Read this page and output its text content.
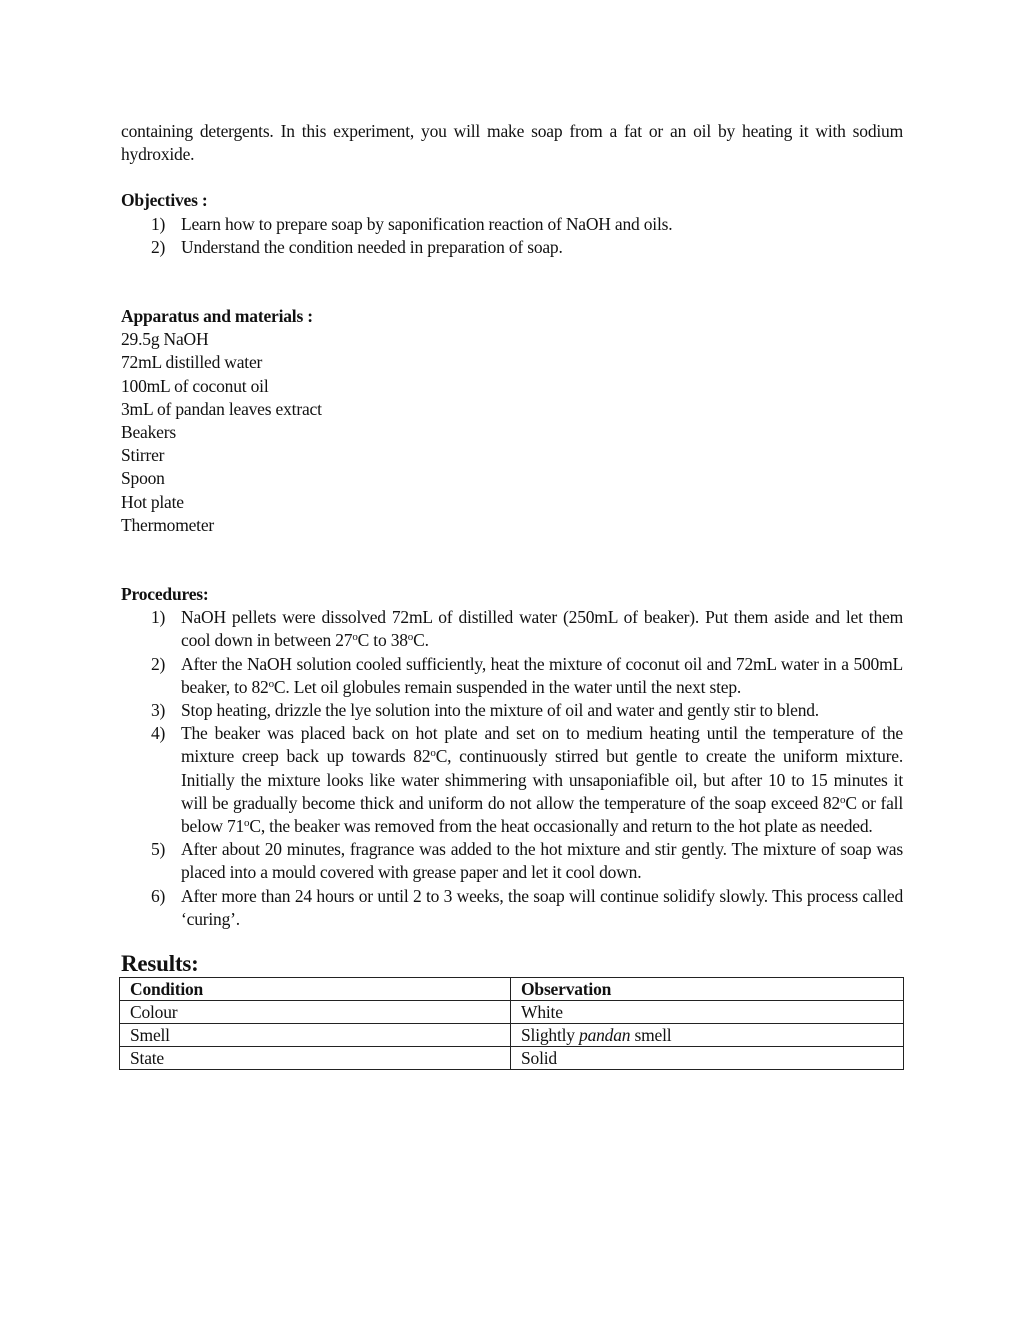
containing detergents. In this experiment, you will make soap from a fat or an oil by heating it with sodium hydroxide.

Objectives :

1) Learn how to prepare soap by saponification reaction of NaOH and oils.
2) Understand the condition needed in preparation of soap.

Apparatus and materials :

29.5g NaOH
72mL distilled water
100mL of coconut oil
3mL of pandan leaves extract
Beakers
Stirrer
Spoon
Hot plate
Thermometer

Procedures:

1) NaOH pellets were dissolved 72mL of distilled water (250mL of beaker). Put them aside and let them cool down in between 27$^o$C to 38$^o$C.
2) After the NaOH solution cooled sufficiently, heat the mixture of coconut oil and 72mL water in a 500mL beaker, to 82$^o$C. Let oil globules remain suspended in the water until the next step.
3) Stop heating, drizzle the lye solution into the mixture of oil and water and gently stir to blend.
4) The beaker was placed back on hot plate and set on to medium heating until the temperature of the mixture creep back up towards 82$^o$C, continuously stirred but gentle to create the uniform mixture. Initially the mixture looks like water shimmering with unsaponiafible oil, but after 10 to 15 minutes it will be gradually become thick and uniform do not allow the temperature of the soap exceed 82$^o$C or fall below 71$^o$C, the beaker was removed from the heat occasionally and return to the hot plate as needed.
5) After about 20 minutes, fragrance was added to the hot mixture and stir gently. The mixture of soap was placed into a mould covered with grease paper and let it cool down.
6) After more than 24 hours or until 2 to 3 weeks, the soap will continue solidify slowly. This process called ‘curing’.

Results:

Condition	Observation
Colour	White
Smell	Slightly pandan smell
State	Solid
